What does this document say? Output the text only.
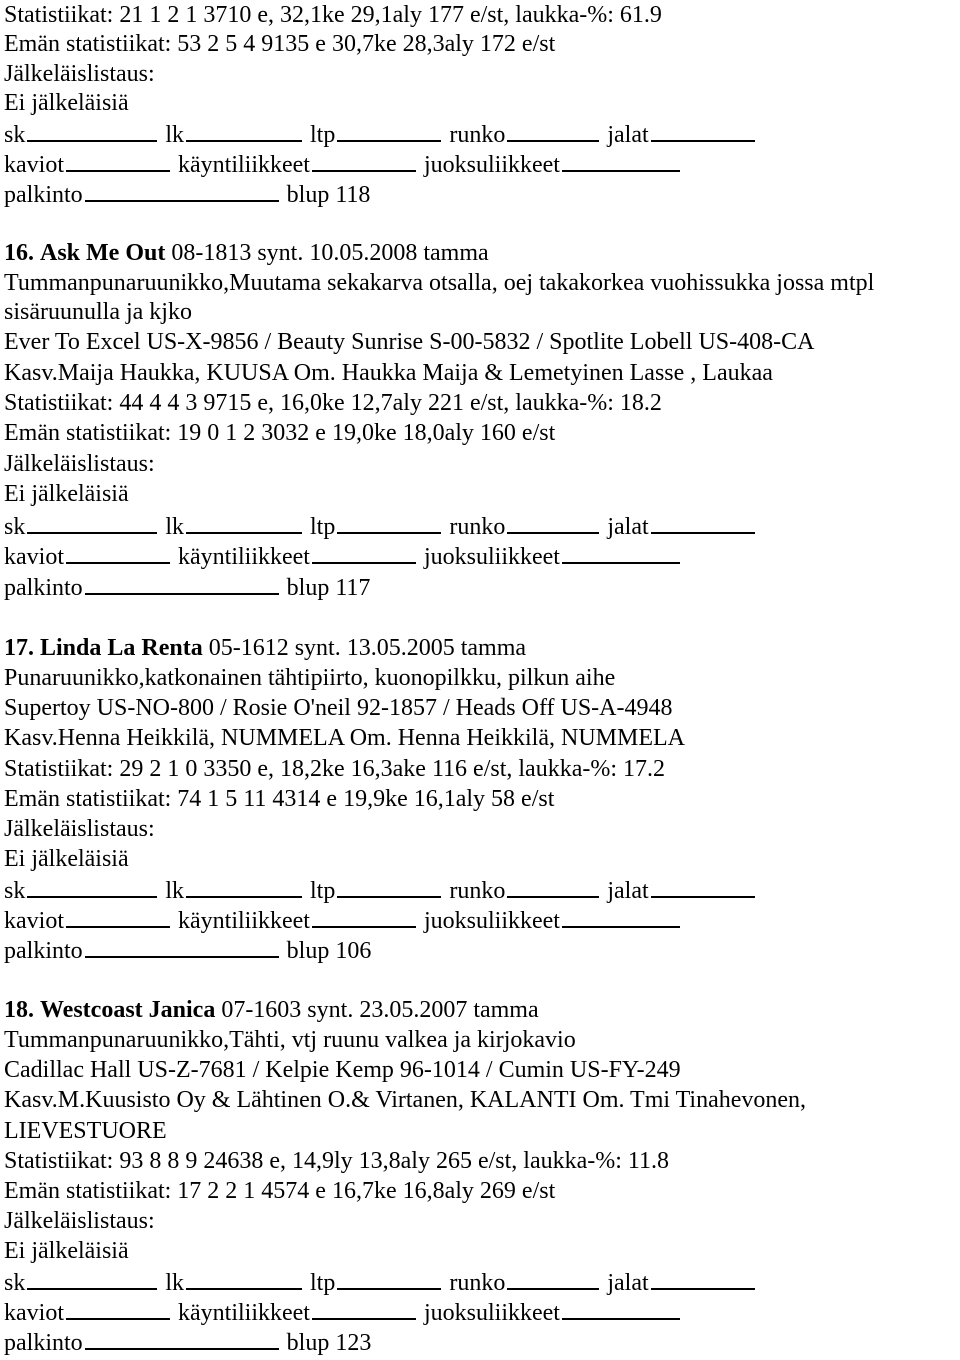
Statistiikat: 21 1 2 1 3710 e, 32,1ke 29,1aly 177 e/st, laukka-%: 61.9
Emän statistiikat: 53 2 5 4 9135 e 30,7ke 28,3aly 172 e/st
Jälkeläislistaus:
Ei jälkeläisiä
sk	lk	ltp	runko	jalat
kaviot	käyntiliikkeet	juoksuliikkeet
palkinto	blup 118
16. Ask Me Out 08-1813 synt. 10.05.2008 tamma
Tummanpunaruunikko,Muutama sekakarva otsalla, oej takakorkea vuohissukka jossa mtpl
sisäruunulla ja kjko
Ever To Excel US-X-9856 / Beauty Sunrise S-00-5832 / Spotlite Lobell US-408-CA
Kasv.Maija Haukka, KUUSA Om. Haukka Maija & Lemetyinen Lasse , Laukaa
Statistiikat: 44 4 4 3 9715 e, 16,0ke 12,7aly 221 e/st, laukka-%: 18.2
Emän statistiikat: 19 0 1 2 3032 e 19,0ke 18,0aly 160 e/st
Jälkeläislistaus:
Ei jälkeläisiä
sk	lk	ltp	runko	jalat
kaviot	käyntiliikkeet	juoksuliikkeet
palkinto	blup 117
17. Linda La Renta 05-1612 synt. 13.05.2005 tamma
Punaruunikko,katkonainen tähtipiirto, kuonopilkku, pilkun aihe
Supertoy US-NO-800 / Rosie O'neil 92-1857 / Heads Off US-A-4948
Kasv.Henna Heikkilä, NUMMELA Om. Henna Heikkilä, NUMMELA
Statistiikat: 29 2 1 0 3350 e, 18,2ke 16,3ake 116 e/st, laukka-%: 17.2
Emän statistiikat: 74 1 5 11 4314 e 19,9ke 16,1aly 58 e/st
Jälkeläislistaus:
Ei jälkeläisiä
sk	lk	ltp	runko	jalat
kaviot	käyntiliikkeet	juoksuliikkeet
palkinto	blup 106
18. Westcoast Janica 07-1603 synt. 23.05.2007 tamma
Tummanpunaruunikko,Tähti, vtj ruunu valkea ja kirjokavio
Cadillac Hall US-Z-7681 / Kelpie Kemp 96-1014 / Cumin US-FY-249
Kasv.M.Kuusisto Oy & Lähtinen O.& Virtanen, KALANTI Om. Tmi Tinahevonen,
LIEVESTUORE
Statistiikat: 93 8 8 9 24638 e, 14,9ly 13,8aly 265 e/st, laukka-%: 11.8
Emän statistiikat: 17 2 2 1 4574 e 16,7ke 16,8aly 269 e/st
Jälkeläislistaus:
Ei jälkeläisiä
sk	lk	ltp	runko	jalat
kaviot	käyntiliikkeet	juoksuliikkeet
palkinto	blup 123
